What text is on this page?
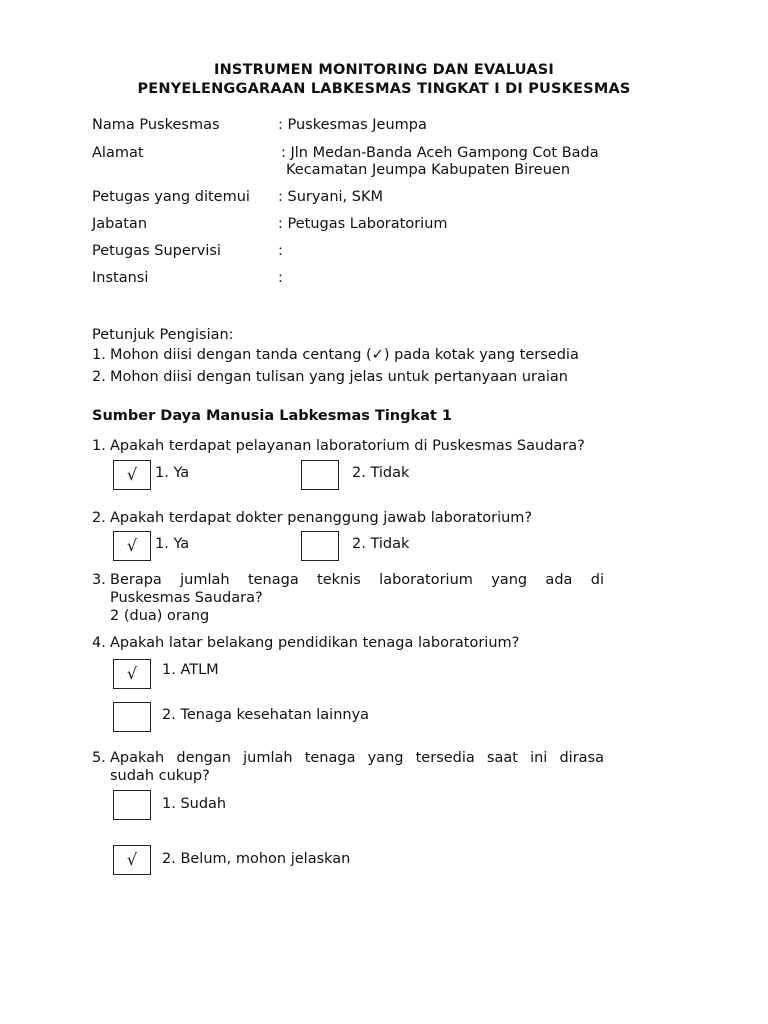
INSTRUMEN MONITORING DAN EVALUASI
PENYELENGGARAAN LABKESMAS TINGKAT I DI PUSKESMAS
Nama Puskesmas	: Puskesmas Jeumpa
Alamat	: Jln Medan-Banda Aceh Gampong Cot Bada
Kecamatan Jeumpa Kabupaten Bireuen
Petugas yang ditemui : Suryani, SKM
Jabatan	: Petugas Laboratorium
Petugas Supervisi	:
Instansi	:
Petunjuk Pengisian:
1. Mohon diisi dengan tanda centang (✓) pada kotak yang tersedia
2. Mohon diisi dengan tulisan yang jelas untuk pertanyaan uraian
Sumber Daya Manusia Labkesmas Tingkat 1
1. Apakah terdapat pelayanan laboratorium di Puskesmas Saudara?
√	1. Ya	2. Tidak
2. Apakah terdapat dokter penanggung jawab laboratorium?
√	1. Ya	2. Tidak
3. Berapa jumlah tenaga teknis laboratorium yang ada di
Puskesmas Saudara?
2 (dua) orang
4. Apakah latar belakang pendidikan tenaga laboratorium?
√	1. ATLM
2. Tenaga kesehatan lainnya
5. Apakah dengan jumlah tenaga yang tersedia saat ini dirasa
sudah cukup?
1. Sudah
√	2. Belum, mohon jelaskan
